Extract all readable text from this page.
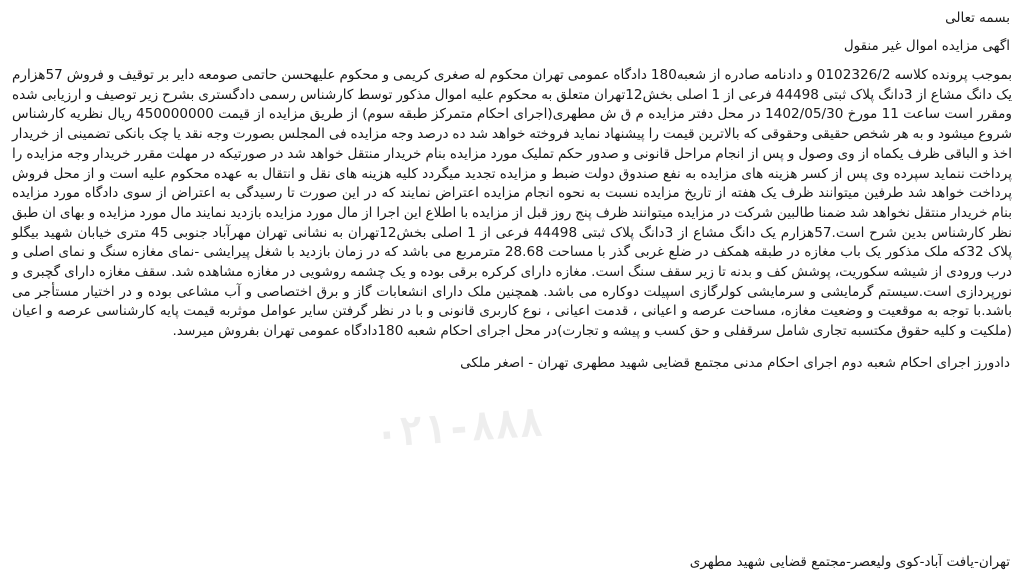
بسمه تعالی

اگهی مزایده اموال غیر منقول

بموجب پرونده کلاسه 0102326/2 و دادنامه صادره از شعبه180 دادگاه عمومی تهران محکوم له صغری کریمی و محکوم علیهحسن حاتمی صومعه دایر بر توقیف و فروش 57هزارم یک دانگ مشاع از 3دانگ پلاک ثبتی 44498 فرعی از 1 اصلی بخش12تهران متعلق به محکوم علیه اموال مذکور توسط کارشناس رسمی دادگستری بشرح زیر توصیف و ارزیابی شده ومقرر است ساعت 11 مورخ 1402/05/30 در محل دفتر مزایده م ق ش مطهری(اجرای احکام متمرکز طبقه سوم) از طریق مزایده از قیمت 450000000 ریال نظریه کارشناس شروع میشود و به هر شخص حقیقی وحقوقی که بالاترین قیمت را پیشنهاد نماید فروخته خواهد شد ده درصد وجه مزایده فی المجلس بصورت وجه نقد یا چک بانکی تضمینی از خریدار اخذ و الباقی ظرف یکماه از وی وصول و پس از انجام مراحل قانونی و صدور حکم تملیک مورد مزایده بنام خریدار منتقل خواهد شد در صورتیکه در مهلت مقرر خریدار وجه مزایده را پرداخت ننماید سپرده وی پس از کسر هزینه های مزایده به نفع صندوق دولت ضبط و مزایده تجدید میگردد کلیه هزینه های نقل و انتقال به عهده محکوم علیه است و از محل فروش پرداخت خواهد شد طرفین میتوانند ظرف یک هفته از تاریخ مزایده نسبت به نحوه انجام مزایده اعتراض نمایند که در این صورت تا رسیدگی به اعتراض از سوی دادگاه مورد مزایده بنام خریدار منتقل نخواهد شد ضمنا طالبین شرکت در مزایده میتوانند ظرف پنج روز قبل از مزایده با اطلاع این اجرا از مال مورد مزایده بازدید نمایند مال مورد مزایده و بهای ان طبق نظر کارشناس بدین شرح است.57هزارم یک دانگ مشاع از 3دانگ پلاک ثبتی 44498 فرعی از 1 اصلی بخش12تهران به نشانی تهران مهرآباد جنوبی 45 متری خیابان شهید بیگلو پلاک 32که ملک مذکور یک باب مغازه در طبقه همکف در ضلع غربی گذر با مساحت 28.68 مترمربع می باشد که در زمان بازدید با شغل پیرایشی -نمای مغازه سنگ و نمای اصلی و درب ورودی از شیشه سکوریت، پوشش کف و بدنه تا زیر سقف سنگ است. مغازه دارای کرکره برقی بوده و یک چشمه روشویی در مغازه مشاهده شد. سقف مغازه دارای گچبری و نورپردازی است.سیستم گرمایشی و سرمایشی کولرگازی اسپیلت دوکاره می باشد. همچنین ملک دارای انشعابات گاز و برق اختصاصی و آب مشاعی بوده و در اختیار مستأجر می باشد.با توجه به موقعیت و وضعیت مغازه، مساحت عرصه و اعیانی ، قدمت اعیانی ، نوع کاربری قانونی و با در نظر گرفتن سایر عوامل موثربه قیمت پایه کارشناسی عرصه و اعیان (ملکیت و کلیه حقوق مکتسبه تجاری شامل سرقفلی و حق کسب و پیشه و تجارت)در محل اجرای احکام شعبه 180دادگاه عمومی تهران بفروش میرسد.

دادورز اجرای احکام شعبه دوم اجرای احکام مدنی مجتمع قضایی شهید مطهری تهران - اصغر ملکی

تهران-یافت آباد-کوی ولیعصر-مجتمع قضایی شهید مطهری

۰۲۱-۸۸۸
